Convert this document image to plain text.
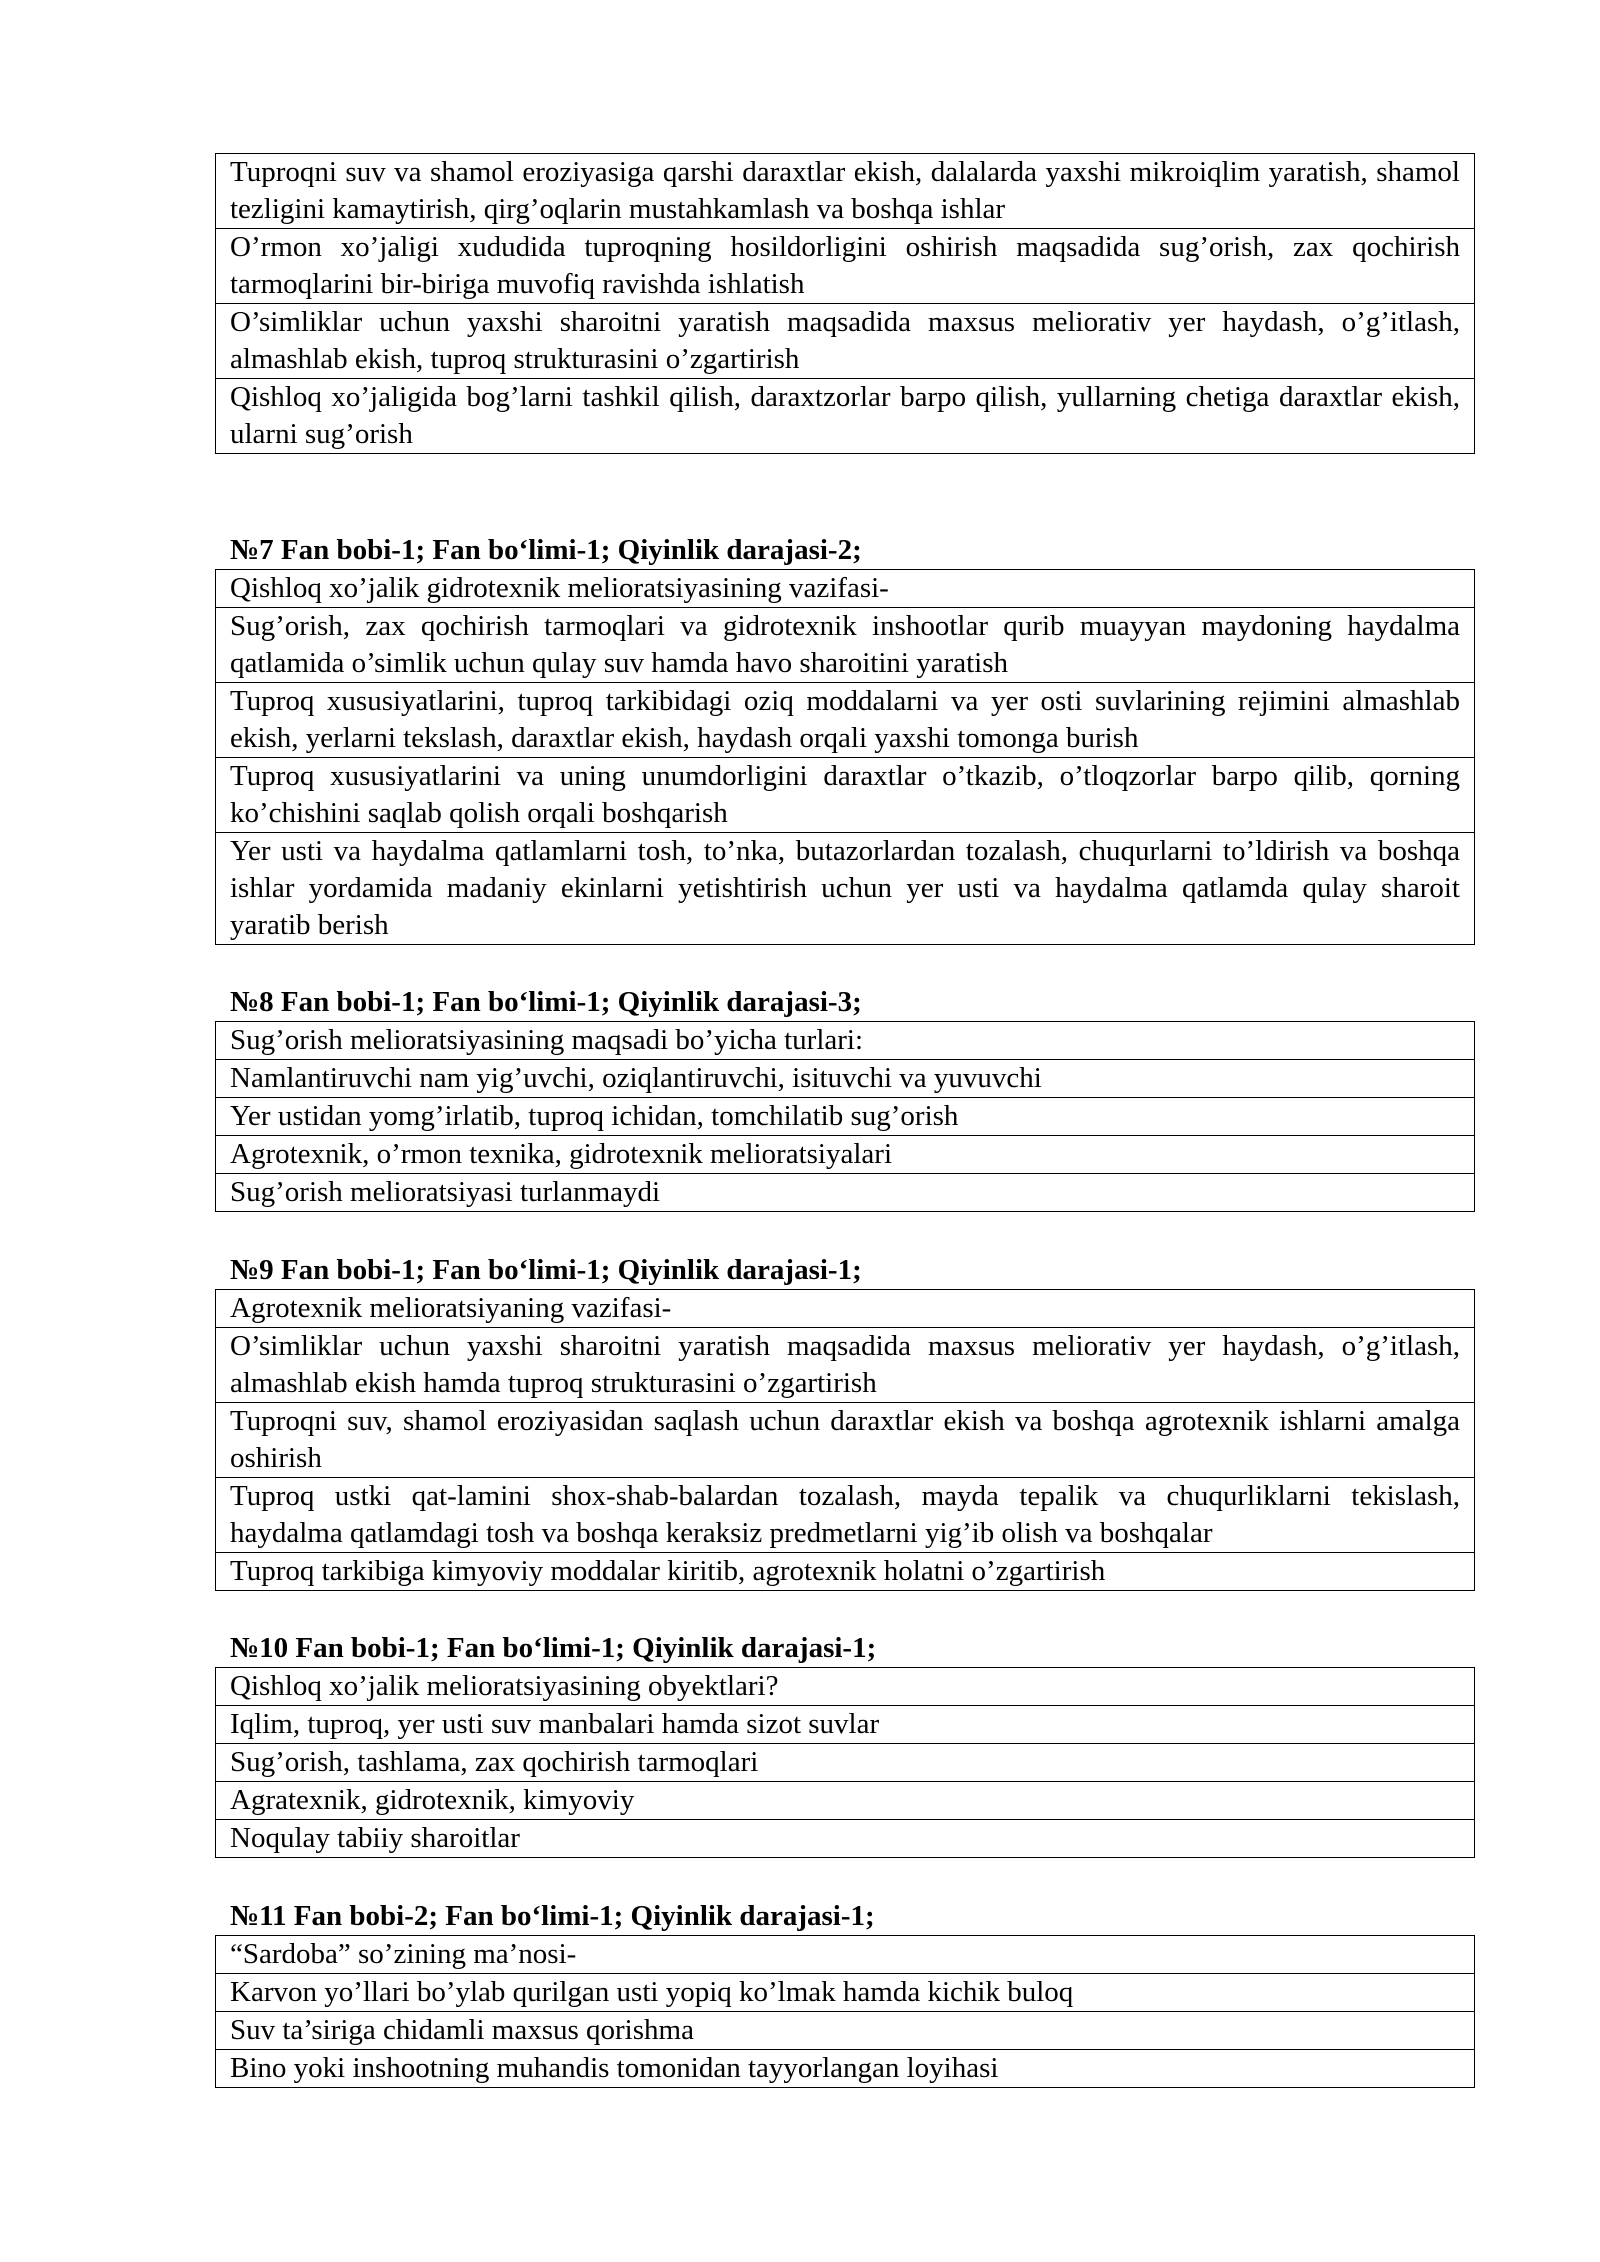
Tuproqni suv va shamol eroziyasiga qarshi daraxtlar ekish, dalalarda yaxshi mikroiqlim yaratish, shamol tezligini kamaytirish, qirg’oqlarin mustahkamlash va boshqa ishlar
O’rmon xo’jaligi xududida tuproqning hosildorligini oshirish maqsadida sug’orish, zax qochirish tarmoqlarini bir-biriga muvofiq ravishda ishlatish
O’simliklar uchun yaxshi sharoitni yaratish maqsadida maxsus meliorativ yer haydash, o’g’itlash, almashlab ekish, tuproq strukturasini o’zgartirish
Qishloq xo’jaligida bog’larni tashkil qilish, daraxtzorlar barpo qilish, yullarning chetiga daraxtlar ekish, ularni sug’orish
№7 Fan bobi-1; Fan bo‘limi-1; Qiyinlik darajasi-2;
Qishloq xo’jalik gidrotexnik melioratsiyasining vazifasi-
Sug’orish, zax qochirish tarmoqlari va gidrotexnik inshootlar qurib muayyan maydoning haydalma qatlamida o’simlik uchun qulay suv hamda havo sharoitini yaratish
Tuproq xususiyatlarini, tuproq tarkibidagi oziq moddalarni va yer osti suvlarining rejimini almashlab ekish, yerlarni tekslash, daraxtlar ekish, haydash orqali yaxshi tomonga burish
Tuproq xususiyatlarini va uning unumdorligini daraxtlar o’tkazib, o’tloqzorlar barpo qilib, qorning ko’chishini saqlab qolish orqali boshqarish
Yer usti va haydalma qatlamlarni tosh, to’nka, butazorlardan tozalash, chuqurlarni to’ldirish va boshqa ishlar yordamida madaniy ekinlarni yetishtirish uchun yer usti va haydalma qatlamda qulay sharoit yaratib berish
№8 Fan bobi-1; Fan bo‘limi-1; Qiyinlik darajasi-3;
Sug’orish melioratsiyasining maqsadi bo’yicha turlari:
Namlantiruvchi nam yig’uvchi, oziqlantiruvchi, isituvchi va yuvuvchi
Yer ustidan yomg’irlatib, tuproq ichidan, tomchilatib sug’orish
Agrotexnik, o’rmon texnika, gidrotexnik melioratsiyalari
Sug’orish melioratsiyasi turlanmaydi
№9 Fan bobi-1; Fan bo‘limi-1; Qiyinlik darajasi-1;
Agrotexnik melioratsiyaning vazifasi-
O’simliklar uchun yaxshi sharoitni yaratish maqsadida maxsus meliorativ yer haydash, o’g’itlash, almashlab ekish hamda tuproq strukturasini o’zgartirish
Tuproqni suv, shamol eroziyasidan saqlash uchun daraxtlar ekish va boshqa agrotexnik ishlarni amalga oshirish
Tuproq ustki qat-lamini shox-shab-balardan tozalash, mayda tepalik va chuqurliklarni tekislash, haydalma qatlamdagi tosh va boshqa keraksiz predmetlarni yig’ib olish va boshqalar
Tuproq tarkibiga kimyoviy moddalar kiritib, agrotexnik holatni o’zgartirish
№10 Fan bobi-1; Fan bo‘limi-1; Qiyinlik darajasi-1;
Qishloq xo’jalik melioratsiyasining obyektlari?
Iqlim, tuproq, yer usti suv manbalari hamda sizot suvlar
Sug’orish, tashlama, zax qochirish tarmoqlari
Agratexnik, gidrotexnik, kimyoviy
Noqulay tabiiy sharoitlar
№11 Fan bobi-2; Fan bo‘limi-1; Qiyinlik darajasi-1;
“Sardoba” so’zining ma’nosi-
Karvon yo’llari bo’ylab qurilgan usti yopiq ko’lmak hamda kichik buloq
Suv ta’siriga chidamli maxsus qorishma
Bino yoki inshootning muhandis tomonidan tayyorlangan loyihasi
